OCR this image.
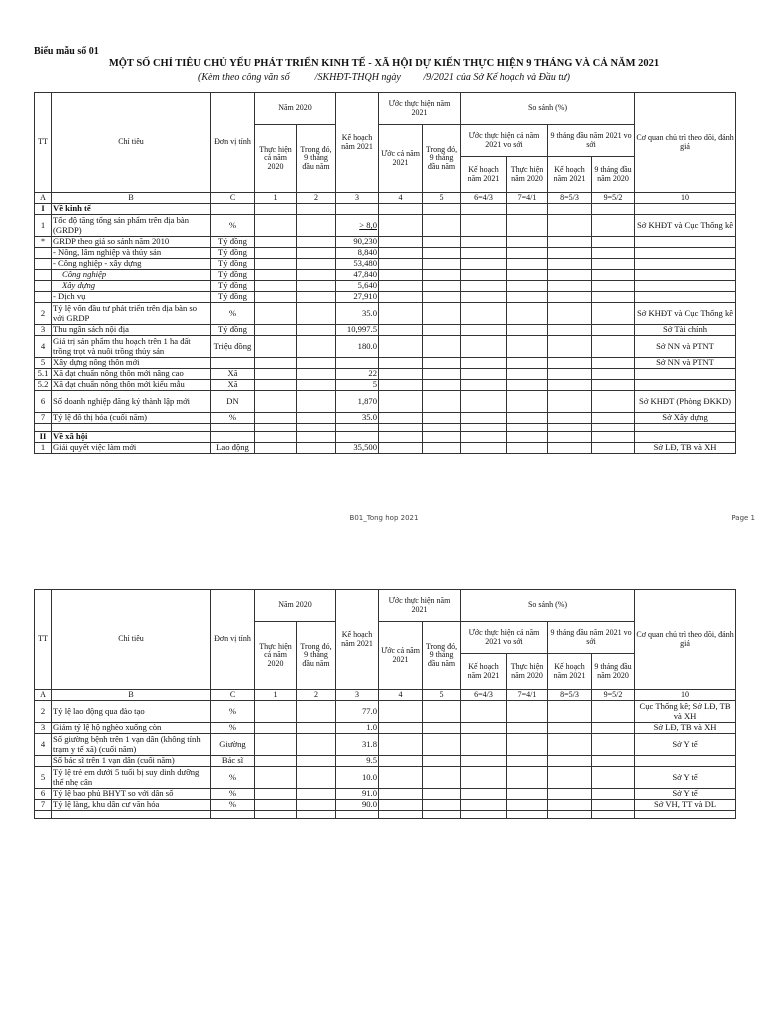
Biểu mẫu số 01
MỘT SỐ CHỈ TIÊU CHỦ YẾU PHÁT TRIỂN KINH TẾ - XÃ HỘI DỰ KIẾN THỰC HIỆN 9 THÁNG VÀ CẢ NĂM 2021
(Kèm theo công văn số          /SKHĐT-THQH ngày         /9/2021 của Sở Kế hoạch và Đầu tư)
TT	Chỉ tiêu	Đơn vị tính	Năm 2020		Kế hoạch năm 2021	Ước thực hiện năm 2021		So sánh (%)				Cơ quan chủ trì theo dõi, đánh giá
			Thực hiện cả năm 2020	Trong đó, 9 tháng đầu năm		Ước cả năm 2021	Trong đó, 9 tháng đầu năm	Ước thực hiện cả năm 2021 vo sới		9 tháng đầu năm 2021 vo sới		
								Kế hoạch năm 2021	Thực hiện năm 2020	Kế hoạch năm 2021	9 tháng đầu năm 2020	
A	B	C	1	2	3	4	5	6=4/3	7=4/1	8=5/3	9=5/2	10
I	Về kinh tế											
1	Tốc độ tăng tổng sản phẩm trên địa bàn (GRDP)	%			> 8,0							Sở KHĐT và Cục Thống kê
*	GRDP theo giá so sánh năm 2010	Tỷ đồng			90,230							
	- Nông, lâm nghiệp và thủy sản	Tỷ đồng			8,840							
	- Công nghiệp - xây dựng	Tỷ đồng			53,480							
	Công nghiệp	Tỷ đồng			47,840							
	Xây dựng	Tỷ đồng			5,640							
	- Dịch vụ	Tỷ đồng			27,910							
2	Tỷ lệ vốn đầu tư phát triển trên địa bàn so với GRDP	%			35.0							Sở KHĐT và Cục Thống kê
3	Thu ngân sách nội địa	Tỷ đồng			10,997.5							Sở Tài chính
4	Giá trị sản phẩm thu hoạch trên 1 ha đất trồng trọt và nuôi trồng thủy sản	Triệu đồng			180.0							Sở NN và PTNT
5	Xây dựng nông thôn mới											Sở NN và PTNT
5.1	Xã đạt chuẩn nông thôn mới nâng cao	Xã			22							
5.2	Xã đạt chuẩn nông thôn mới kiểu mẫu	Xã			5							
6	Số doanh nghiệp đăng ký thành lập mới	DN			1,870							Sở KHĐT (Phòng ĐKKD)
7	Tỷ lệ đô thị hóa (cuối năm)	%			35.0							Sở Xây dựng

II	Về xã hội											
1	Giải quyết việc làm mới	Lao động			35,500							Sở LĐ, TB và XH
B01_Tong hop 2021	Page 1
TT	Chỉ tiêu	Đơn vị tính	Năm 2020		Kế hoạch năm 2021	Ước thực hiện năm 2021		So sánh (%)				Cơ quan chủ trì theo dõi, đánh giá
			Thực hiện cả năm 2020	Trong đó, 9 tháng đầu năm		Ước cả năm 2021	Trong đó, 9 tháng đầu năm	Ước thực hiện cả năm 2021 vo sới		9 tháng đầu năm 2021 vo sới		
								Kế hoạch năm 2021	Thực hiện năm 2020	Kế hoạch năm 2021	9 tháng đầu năm 2020	
A	B	C	1	2	3	4	5	6=4/3	7=4/1	8=5/3	9=5/2	10
2	Tỷ lệ lao động qua đào tạo	%			77.0							Cục Thống kê; Sở LĐ, TB và XH
3	Giảm tỷ lệ hộ nghèo xuống còn	%			1.0							Sở LĐ, TB và XH
4	Số giường bệnh trên 1 vạn dân (không tính trạm y tế xã) (cuối năm)	Giường			31.8							Sở Y tế
	Số bác sĩ trên 1 vạn dân (cuối năm)	Bác sĩ			9.5							
5	Tỷ lệ trẻ em dưới 5 tuổi bị suy dinh dưỡng thể nhẹ cân	%			10.0							Sở Y tế
6	Tỷ lệ bao phủ BHYT so với dân số	%			91.0							Sở Y tế
7	Tỷ lệ làng, khu dân cư văn hóa	%			90.0							Sở VH, TT và DL
